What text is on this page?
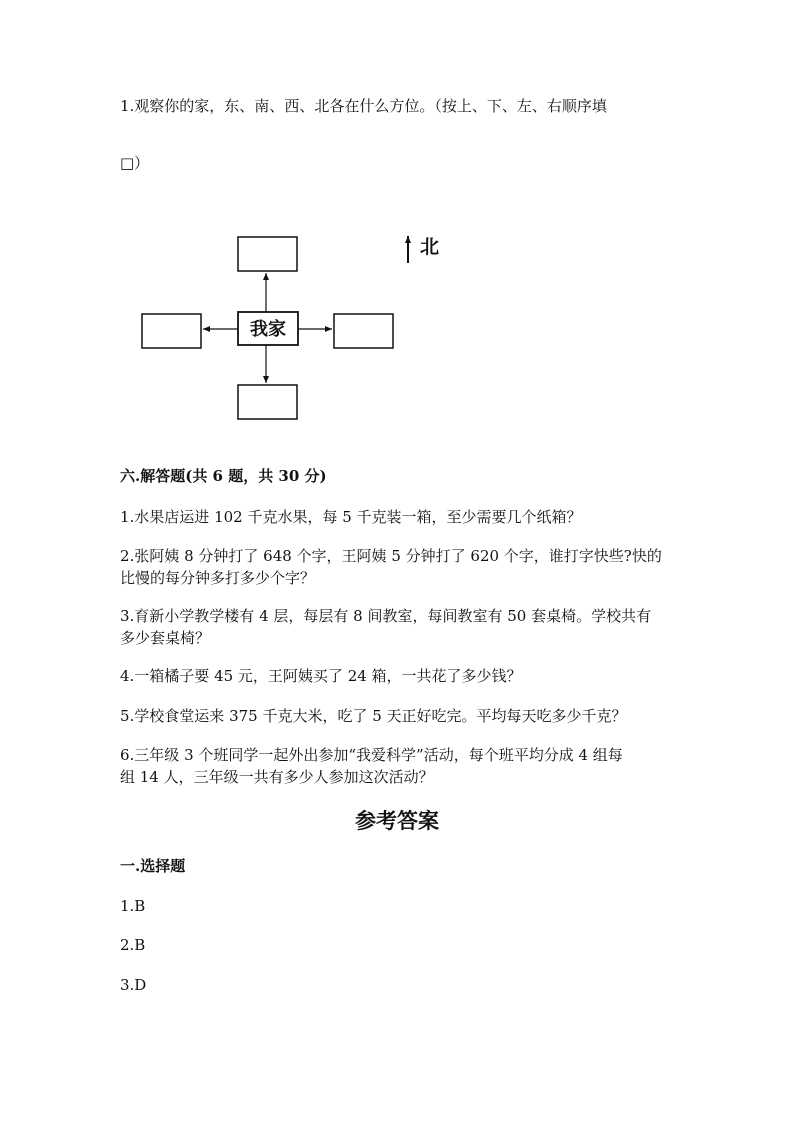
1.观察你的家，东、南、西、北各在什么方位。（按上、下、左、右顺序填

□）

我家
北

六.解答题(共 6 题，共 30 分)

1.水果店运进 102 千克水果，每 5 千克装一箱，至少需要几个纸箱？

2.张阿姨 8 分钟打了 648 个字，王阿姨 5 分钟打了 620 个字，谁打字快些?快的

比慢的每分钟多打多少个字？

3.育新小学教学楼有 4 层，每层有 8 间教室，每间教室有 50 套桌椅。学校共有

多少套桌椅？

4.一箱橘子要 45 元，王阿姨买了 24 箱，一共花了多少钱？

5.学校食堂运来 375 千克大米，吃了 5 天正好吃完。平均每天吃多少千克？

6.三年级 3 个班同学一起外出参加“我爱科学”活动，每个班平均分成 4 组每

组 14 人，三年级一共有多少人参加这次活动？

参考答案

一.选择题

1.B

2.B

3.D
